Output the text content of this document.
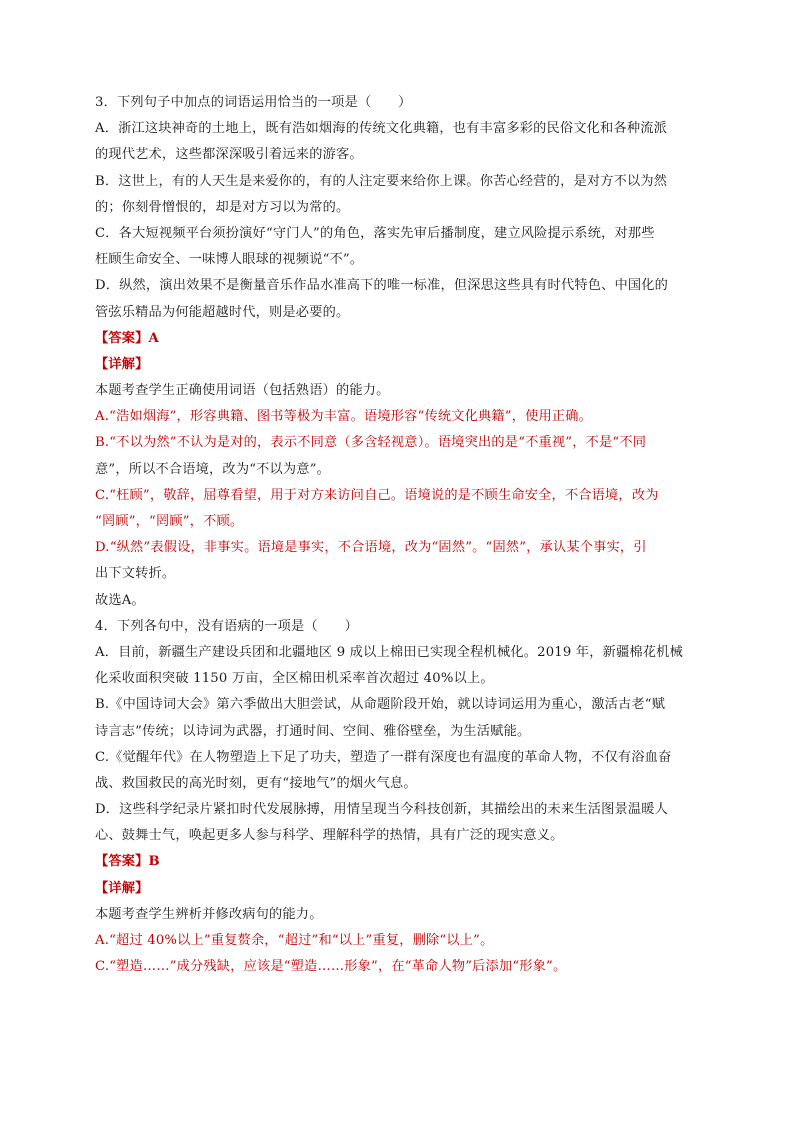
3．下列句子中加点的词语运用恰当的一项是（　　）
A．浙江这块神奇的土地上，既有浩如烟海的传统文化典籍，也有丰富多彩的民俗文化和各种流派
的现代艺术，这些都深深吸引着远来的游客。
B．这世上，有的人天生是来爱你的，有的人注定要来给你上课。你苦心经营的，是对方不以为然
的；你刻骨憎恨的，却是对方习以为常的。
C．各大短视频平台须扮演好“守门人”的角色，落实先审后播制度，建立风险提示系统，对那些
枉顾生命安全、一味博人眼球的视频说“不”。
D．纵然，演出效果不是衡量音乐作品水准高下的唯一标准，但深思这些具有时代特色、中国化的
管弦乐精品为何能超越时代，则是必要的。
【答案】A
【详解】
本题考查学生正确使用词语（包括熟语）的能力。
A.“浩如烟海”，形容典籍、图书等极为丰富。语境形容“传统文化典籍”，使用正确。
B.“不以为然”不认为是对的，表示不同意（多含轻视意）。语境突出的是“不重视”，不是“不同
意”，所以不合语境，改为“不以为意”。
C.“枉顾”，敬辞，屈尊看望，用于对方来访问自己。语境说的是不顾生命安全，不合语境，改为
“罔顾”，“罔顾”，不顾。
D.“纵然”表假设，非事实。语境是事实，不合语境，改为“固然”。“固然”，承认某个事实，引
出下文转折。
故选A。
4．下列各句中，没有语病的一项是（　　）
A．目前，新疆生产建设兵团和北疆地区 9 成以上棉田已实现全程机械化。2019 年，新疆棉花机械
化采收面积突破 1150 万亩，全区棉田机采率首次超过 40%以上。
B.《中国诗词大会》第六季做出大胆尝试，从命题阶段开始，就以诗词运用为重心，激活古老“赋
诗言志”传统；以诗词为武器，打通时间、空间、雅俗壁垒，为生活赋能。
C.《觉醒年代》在人物塑造上下足了功夫，塑造了一群有深度也有温度的革命人物，不仅有浴血奋
战、救国救民的高光时刻，更有“接地气”的烟火气息。
D．这些科学纪录片紧扣时代发展脉搏，用情呈现当今科技创新，其描绘出的未来生活图景温暖人
心、鼓舞士气，唤起更多人参与科学、理解科学的热情，具有广泛的现实意义。
【答案】B
【详解】
本题考查学生辨析并修改病句的能力。
A.“超过 40%以上”重复赘余，“超过”和“以上”重复，删除“以上”。
C.“塑造……”成分残缺，应该是“塑造……形象”，在“革命人物”后添加“形象”。
